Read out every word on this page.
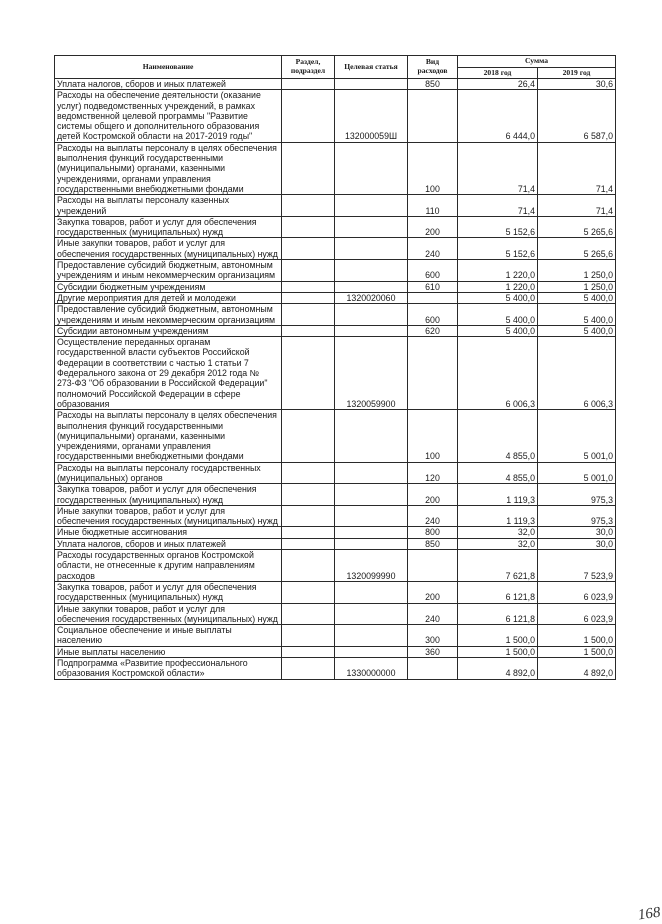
Наименование	Раздел, подраздел	Целевая статья	Вид расходов	Сумма	
				2018 год	2019 год
Уплата налогов, сборов и иных платежей			850	26,4	30,6
Расходы на обеспечение деятельности (оказание услуг) подведомственных учреждений, в рамках ведомственной целевой программы "Развитие системы общего и дополнительного образования детей Костромской области на 2017-2019 годы"		132000059Ш		6 444,0	6 587,0
Расходы на выплаты персоналу в целях обеспечения выполнения функций государственными (муниципальными) органами, казенными учреждениями, органами управления государственными внебюджетными фондами			100	71,4	71,4
Расходы на выплаты персоналу казенных учреждений			110	71,4	71,4
Закупка товаров, работ и услуг для обеспечения государственных (муниципальных) нужд			200	5 152,6	5 265,6
Иные закупки товаров, работ и услуг для обеспечения государственных (муниципальных) нужд			240	5 152,6	5 265,6
Предоставление субсидий бюджетным, автономным учреждениям и иным некоммерческим организациям			600	1 220,0	1 250,0
Субсидии бюджетным учреждениям			610	1 220,0	1 250,0
Другие мероприятия для детей и молодежи		1320020060		5 400,0	5 400,0
Предоставление субсидий бюджетным, автономным учреждениям и иным некоммерческим организациям			600	5 400,0	5 400,0
Субсидии автономным учреждениям			620	5 400,0	5 400,0
Осуществление переданных органам государственной власти субъектов Российской Федерации в соответствии с частью 1 статьи 7 Федерального закона от 29 декабря 2012 года № 273-ФЗ "Об образовании в Российской Федерации" полномочий Российской Федерации в сфере образования		1320059900		6 006,3	6 006,3
Расходы на выплаты персоналу в целях обеспечения выполнения функций государственными (муниципальными) органами, казенными учреждениями, органами управления государственными внебюджетными фондами			100	4 855,0	5 001,0
Расходы на выплаты персоналу государственных (муниципальных) органов			120	4 855,0	5 001,0
Закупка товаров, работ и услуг для обеспечения государственных (муниципальных) нужд			200	1 119,3	975,3
Иные закупки товаров, работ и услуг для обеспечения государственных (муниципальных) нужд			240	1 119,3	975,3
Иные бюджетные ассигнования			800	32,0	30,0
Уплата налогов, сборов и иных платежей			850	32,0	30,0
Расходы государственных органов Костромской области, не отнесенные к другим направлениям расходов		1320099990		7 621,8	7 523,9
Закупка товаров, работ и услуг для обеспечения государственных (муниципальных) нужд			200	6 121,8	6 023,9
Иные закупки товаров, работ и услуг для обеспечения государственных (муниципальных) нужд			240	6 121,8	6 023,9
Социальное обеспечение и иные выплаты населению			300	1 500,0	1 500,0
Иные выплаты населению			360	1 500,0	1 500,0
Подпрограмма «Развитие профессионального образования Костромской области»		1330000000		4 892,0	4 892,0
168
